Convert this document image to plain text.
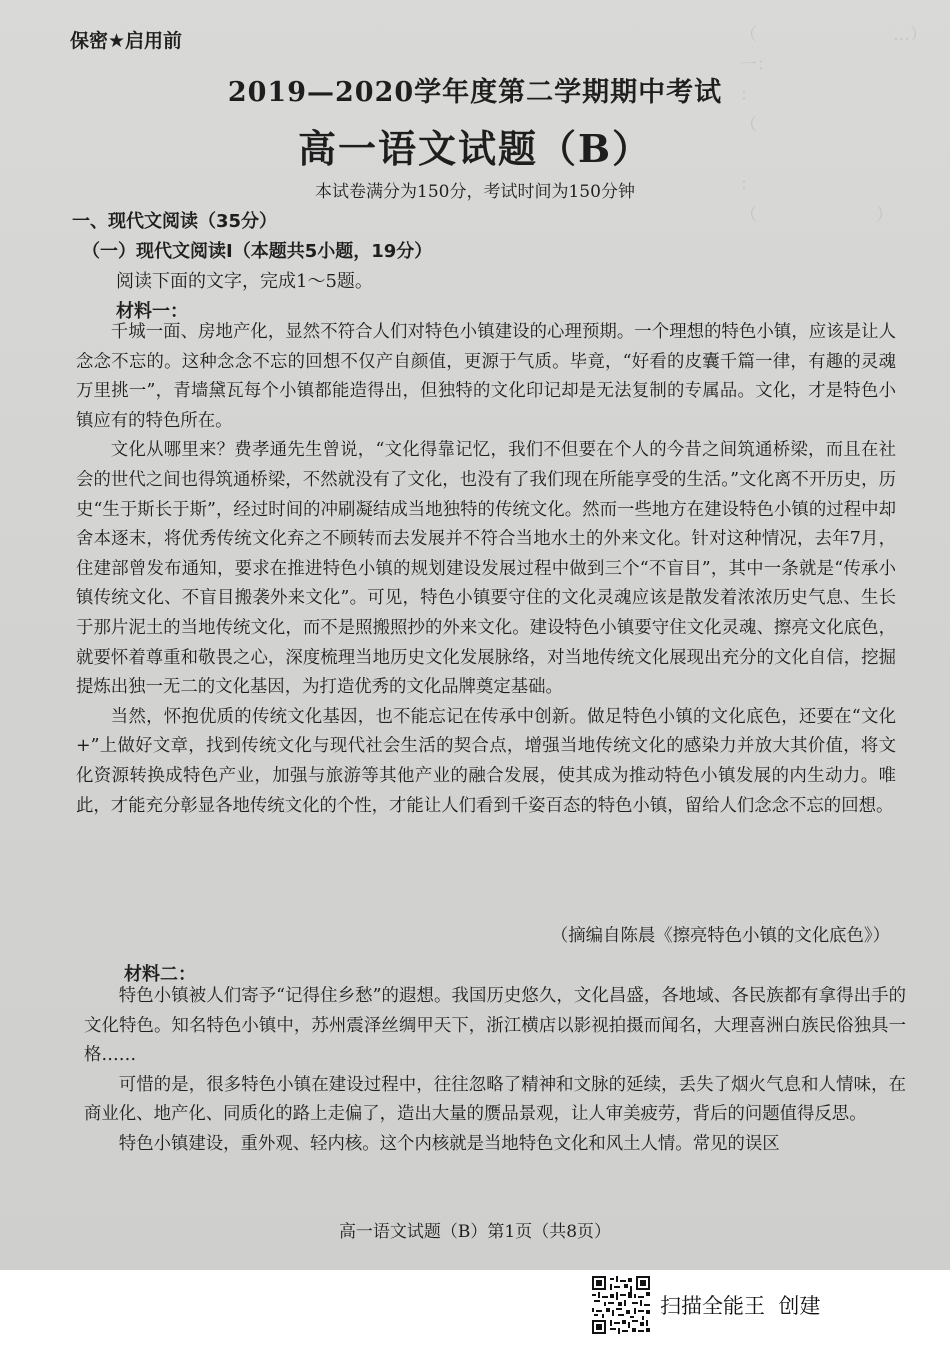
（　　　　　　　　…）
一：　　　　　　　
：　　　　　　　　
（　　　　　　　　

：　　　　　　　　
（　　　　　　　）

保密★启用前
2019—2020学年度第二学期期中考试
高一语文试题（B）
本试卷满分为150分，考试时间为150分钟
一、现代文阅读（35分）
（一）现代文阅读Ⅰ（本题共5小题，19分）
阅读下面的文字，完成1～5题。
材料一：

千城一面、房地产化，显然不符合人们对特色小镇建设的心理预期。一个理想的特色小镇，应该是让人念念不忘的。这种念念不忘的回想不仅产自颜值，更源于气质。毕竟，“好看的皮囊千篇一律，有趣的灵魂万里挑一”，青墙黛瓦每个小镇都能造得出，但独特的文化印记却是无法复制的专属品。文化，才是特色小镇应有的特色所在。

文化从哪里来？费孝通先生曾说，“文化得靠记忆，我们不但要在个人的今昔之间筑通桥梁，而且在社会的世代之间也得筑通桥梁，不然就没有了文化，也没有了我们现在所能享受的生活。”文化离不开历史，历史“生于斯长于斯”，经过时间的冲刷凝结成当地独特的传统文化。然而一些地方在建设特色小镇的过程中却舍本逐末，将优秀传统文化弃之不顾转而去发展并不符合当地水土的外来文化。针对这种情况，去年7月，住建部曾发布通知，要求在推进特色小镇的规划建设发展过程中做到三个“不盲目”，其中一条就是“传承小镇传统文化、不盲目搬袭外来文化”。可见，特色小镇要守住的文化灵魂应该是散发着浓浓历史气息、生长于那片泥土的当地传统文化，而不是照搬照抄的外来文化。建设特色小镇要守住文化灵魂、擦亮文化底色，就要怀着尊重和敬畏之心，深度梳理当地历史文化发展脉络，对当地传统文化展现出充分的文化自信，挖掘提炼出独一无二的文化基因，为打造优秀的文化品牌奠定基础。

当然，怀抱优质的传统文化基因，也不能忘记在传承中创新。做足特色小镇的文化底色，还要在“文化+”上做好文章，找到传统文化与现代社会生活的契合点，增强当地传统文化的感染力并放大其价值，将文化资源转换成特色产业，加强与旅游等其他产业的融合发展，使其成为推动特色小镇发展的内生动力。唯此，才能充分彰显各地传统文化的个性，才能让人们看到千姿百态的特色小镇，留给人们念念不忘的回想。

（摘编自陈晨《擦亮特色小镇的文化底色》）
材料二：

特色小镇被人们寄予“记得住乡愁”的遐想。我国历史悠久，文化昌盛，各地域、各民族都有拿得出手的文化特色。知名特色小镇中，苏州震泽丝绸甲天下，浙江横店以影视拍摄而闻名，大理喜洲白族民俗独具一格……

可惜的是，很多特色小镇在建设过程中，往往忽略了精神和文脉的延续，丢失了烟火气息和人情味，在商业化、地产化、同质化的路上走偏了，造出大量的赝品景观，让人审美疲劳，背后的问题值得反思。

特色小镇建设，重外观、轻内核。这个内核就是当地特色文化和风土人情。常见的误区

高一语文试题（B）第1页（共8页）
扫描全能王  创建
